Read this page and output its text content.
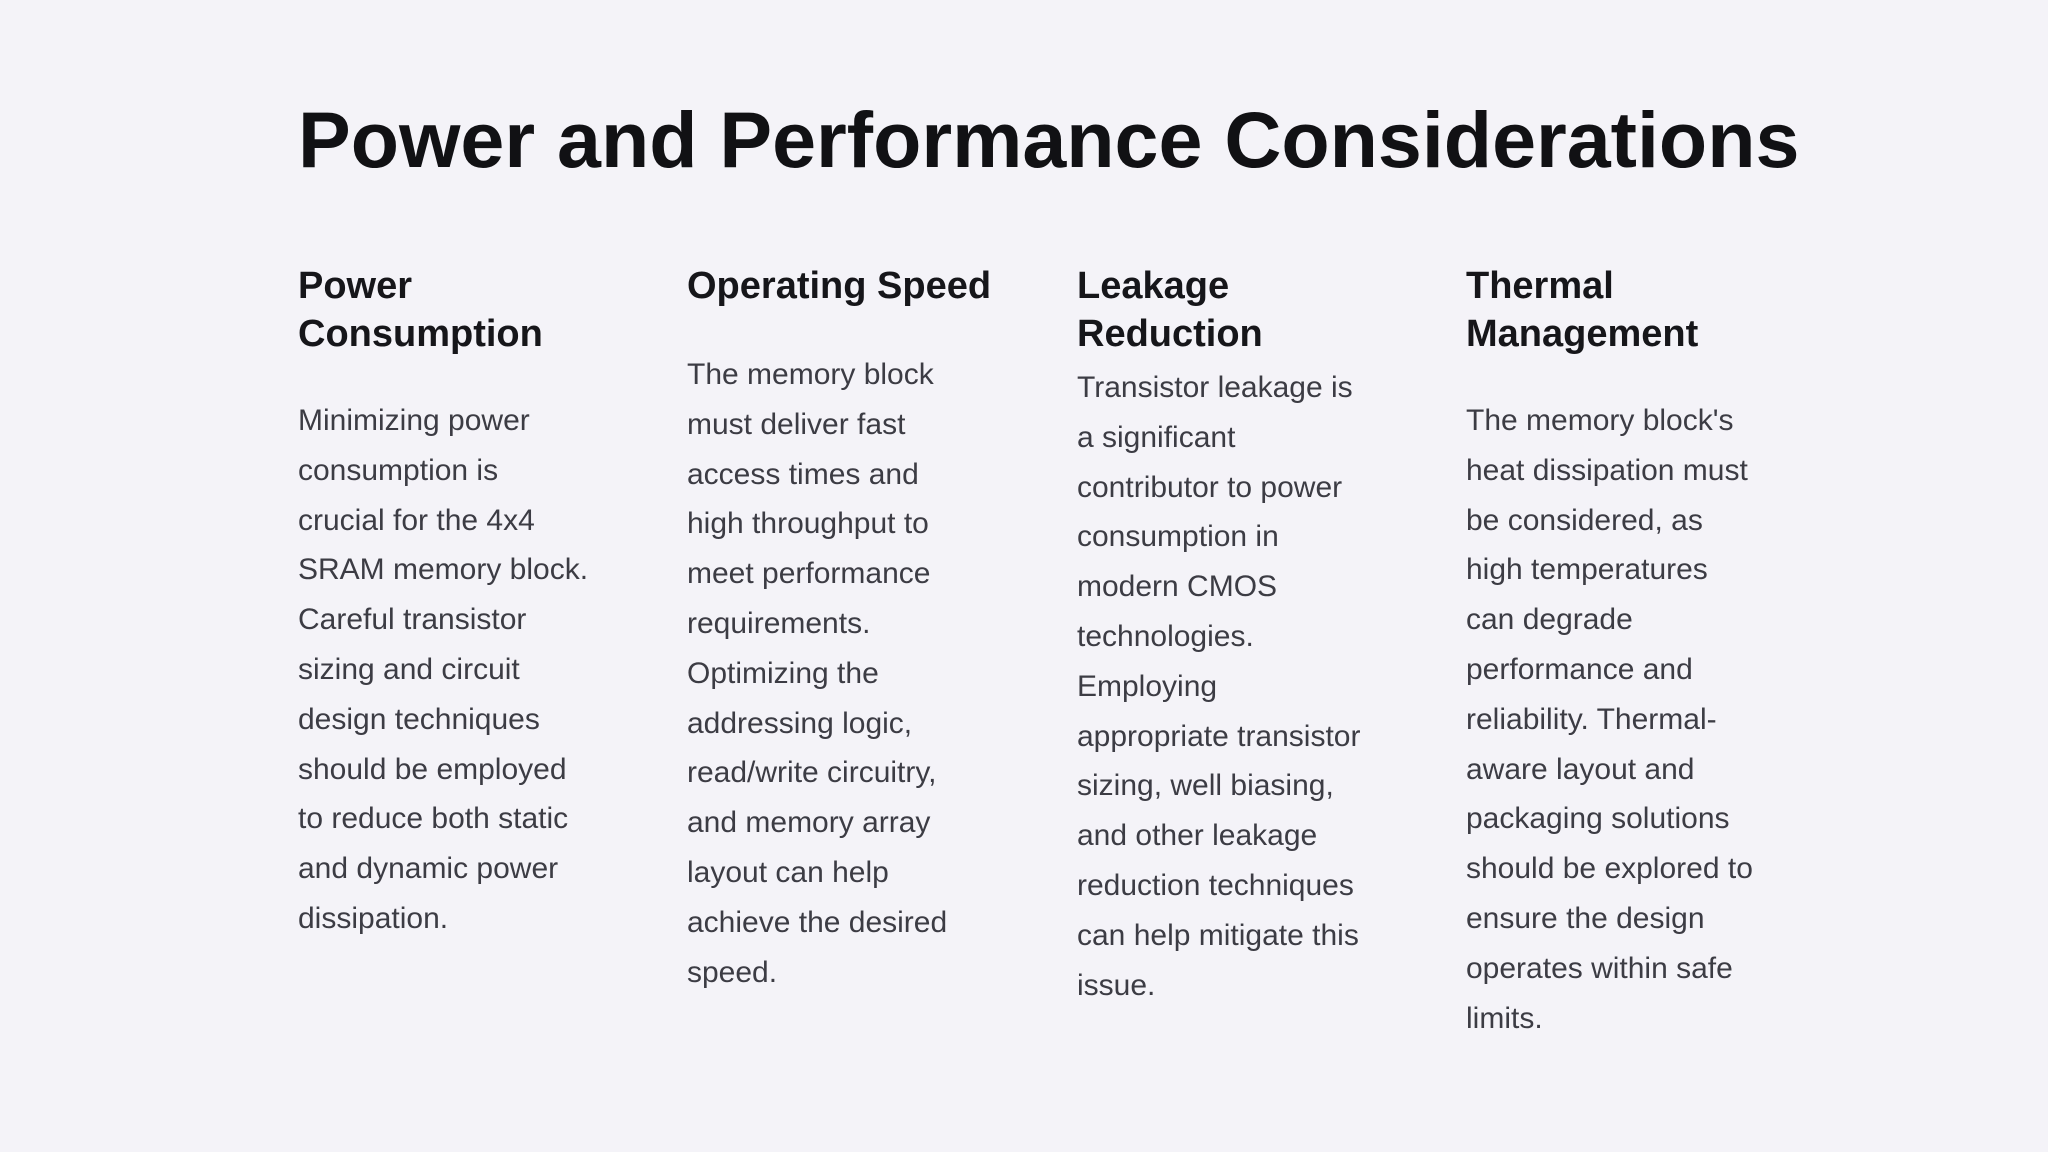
Power and Performance Considerations
Power Consumption

Minimizing power consumption is crucial for the 4x4 SRAM memory block. Careful transistor sizing and circuit design techniques should be employed to reduce both static and dynamic power dissipation.

Operating Speed

The memory block must deliver fast access times and high throughput to meet performance requirements. Optimizing the addressing logic, read/write circuitry, and memory array layout can help achieve the desired speed.

Leakage Reduction

Transistor leakage is a significant contributor to power consumption in modern CMOS technologies. Employing appropriate transistor sizing, well biasing, and other leakage reduction techniques can help mitigate this issue.

Thermal Management

The memory block's heat dissipation must be considered, as high temperatures can degrade performance and reliability. Thermal-aware layout and packaging solutions should be explored to ensure the design operates within safe limits.
